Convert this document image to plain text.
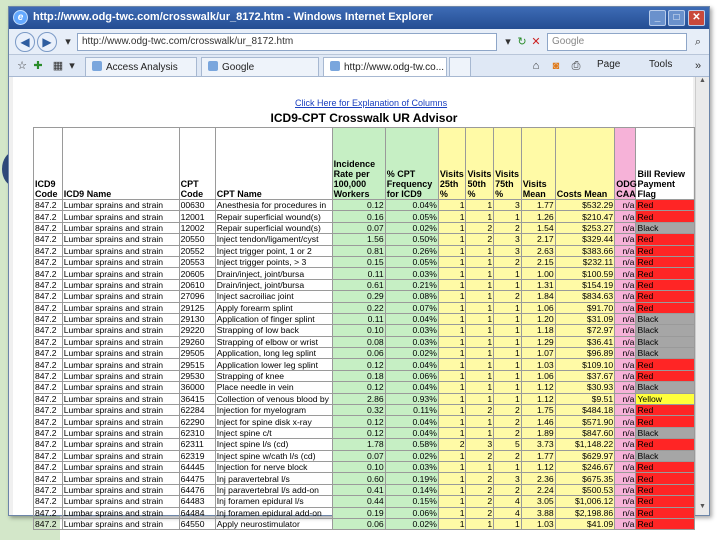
e http://www.odg-twc.com/crosswalk/ur_8172.htm - Windows Internet Explorer	_	□	✕
◀	▶	▾	http://www.odg-twc.com/crosswalk/ur_8172.htm	▾ ↻ ✕	Google	⌕
☆ ✚ ▦ ▾	Access Analysis	Google	http://www.odg-tw.co...	⌂	◙	⎙ Page	Tools	»
Click Here for Explanation of Columns
ICD9-CPT Crosswalk UR Advisor
ICD9 Code	ICD9 Name	CPT Code	CPT Name	Incidence Rate per 100,000 Workers	% CPT Frequency for ICD9	Visits 25th %	Visits 50th %	Visits 75th %	Visits Mean	Costs Mean	ODG CAA	Bill Review Payment Flag
847.2	Lumbar sprains and strain	00630	Anesthesia for procedures in	0.12	0.04%	1	1	3	1.77	$532.29	n/a	Red
847.2	Lumbar sprains and strain	12001	Repair superficial wound(s)	0.16	0.05%	1	1	1	1.26	$210.47	n/a	Red
847.2	Lumbar sprains and strain	12002	Repair superficial wound(s)	0.07	0.02%	1	2	2	1.54	$253.27	n/a	Black
847.2	Lumbar sprains and strain	20550	Inject tendon/ligament/cyst	1.56	0.50%	1	2	3	2.17	$329.44	n/a	Red
847.2	Lumbar sprains and strain	20552	Inject trigger point, 1 or 2	0.81	0.26%	1	1	3	2.63	$383.66	n/a	Red
847.2	Lumbar sprains and strain	20553	Inject trigger points, > 3	0.15	0.05%	1	1	2	2.15	$232.11	n/a	Red
847.2	Lumbar sprains and strain	20605	Drain/inject, joint/bursa	0.11	0.03%	1	1	1	1.00	$100.59	n/a	Red
847.2	Lumbar sprains and strain	20610	Drain/inject, joint/bursa	0.61	0.21%	1	1	1	1.31	$154.19	n/a	Red
847.2	Lumbar sprains and strain	27096	Inject sacroiliac joint	0.29	0.08%	1	1	2	1.84	$834.63	n/a	Red
847.2	Lumbar sprains and strain	29125	Apply forearm splint	0.22	0.07%	1	1	1	1.06	$91.70	n/a	Red
847.2	Lumbar sprains and strain	29130	Application of finger splint	0.11	0.04%	1	1	1	1.20	$31.09	n/a	Black
847.2	Lumbar sprains and strain	29220	Strapping of low back	0.10	0.03%	1	1	1	1.18	$72.97	n/a	Black
847.2	Lumbar sprains and strain	29260	Strapping of elbow or wrist	0.08	0.03%	1	1	1	1.29	$36.41	n/a	Black
847.2	Lumbar sprains and strain	29505	Application, long leg splint	0.06	0.02%	1	1	1	1.07	$96.89	n/a	Black
847.2	Lumbar sprains and strain	29515	Application lower leg splint	0.12	0.04%	1	1	1	1.03	$109.10	n/a	Red
847.2	Lumbar sprains and strain	29530	Strapping of knee	0.18	0.06%	1	1	1	1.06	$37.67	n/a	Red
847.2	Lumbar sprains and strain	36000	Place needle in vein	0.12	0.04%	1	1	1	1.12	$30.93	n/a	Black
847.2	Lumbar sprains and strain	36415	Collection of venous blood by	2.86	0.93%	1	1	1	1.12	$9.51	n/a	Yellow
847.2	Lumbar sprains and strain	62284	Injection for myelogram	0.32	0.11%	1	2	2	1.75	$484.18	n/a	Red
847.2	Lumbar sprains and strain	62290	Inject for spine disk x-ray	0.12	0.04%	1	1	2	1.46	$571.90	n/a	Red
847.2	Lumbar sprains and strain	62310	Inject spine c/t	0.12	0.04%	1	1	2	1.89	$847.60	n/a	Black
847.2	Lumbar sprains and strain	62311	Inject spine l/s (cd)	1.78	0.58%	2	3	5	3.73	$1,148.22	n/a	Red
847.2	Lumbar sprains and strain	62319	Inject spine w/cath l/s (cd)	0.07	0.02%	1	2	2	1.77	$629.97	n/a	Black
847.2	Lumbar sprains and strain	64445	Injection for nerve block	0.10	0.03%	1	1	1	1.12	$246.67	n/a	Red
847.2	Lumbar sprains and strain	64475	Inj paravertebral l/s	0.60	0.19%	1	2	3	2.36	$675.35	n/a	Red
847.2	Lumbar sprains and strain	64476	Inj paravertebral l/s add-on	0.41	0.14%	1	2	2	2.24	$500.53	n/a	Red
847.2	Lumbar sprains and strain	64483	Inj foramen epidural l/s	0.44	0.15%	1	2	4	3.05	$1,006.12	n/a	Red
847.2	Lumbar sprains and strain	64484	Inj foramen epidural add-on	0.19	0.06%	1	2	4	3.88	$2,198.86	n/a	Red
847.2	Lumbar sprains and strain	64550	Apply neurostimulator	0.06	0.02%	1	1	1	1.03	$41.09	n/a	Red
▲
▼
